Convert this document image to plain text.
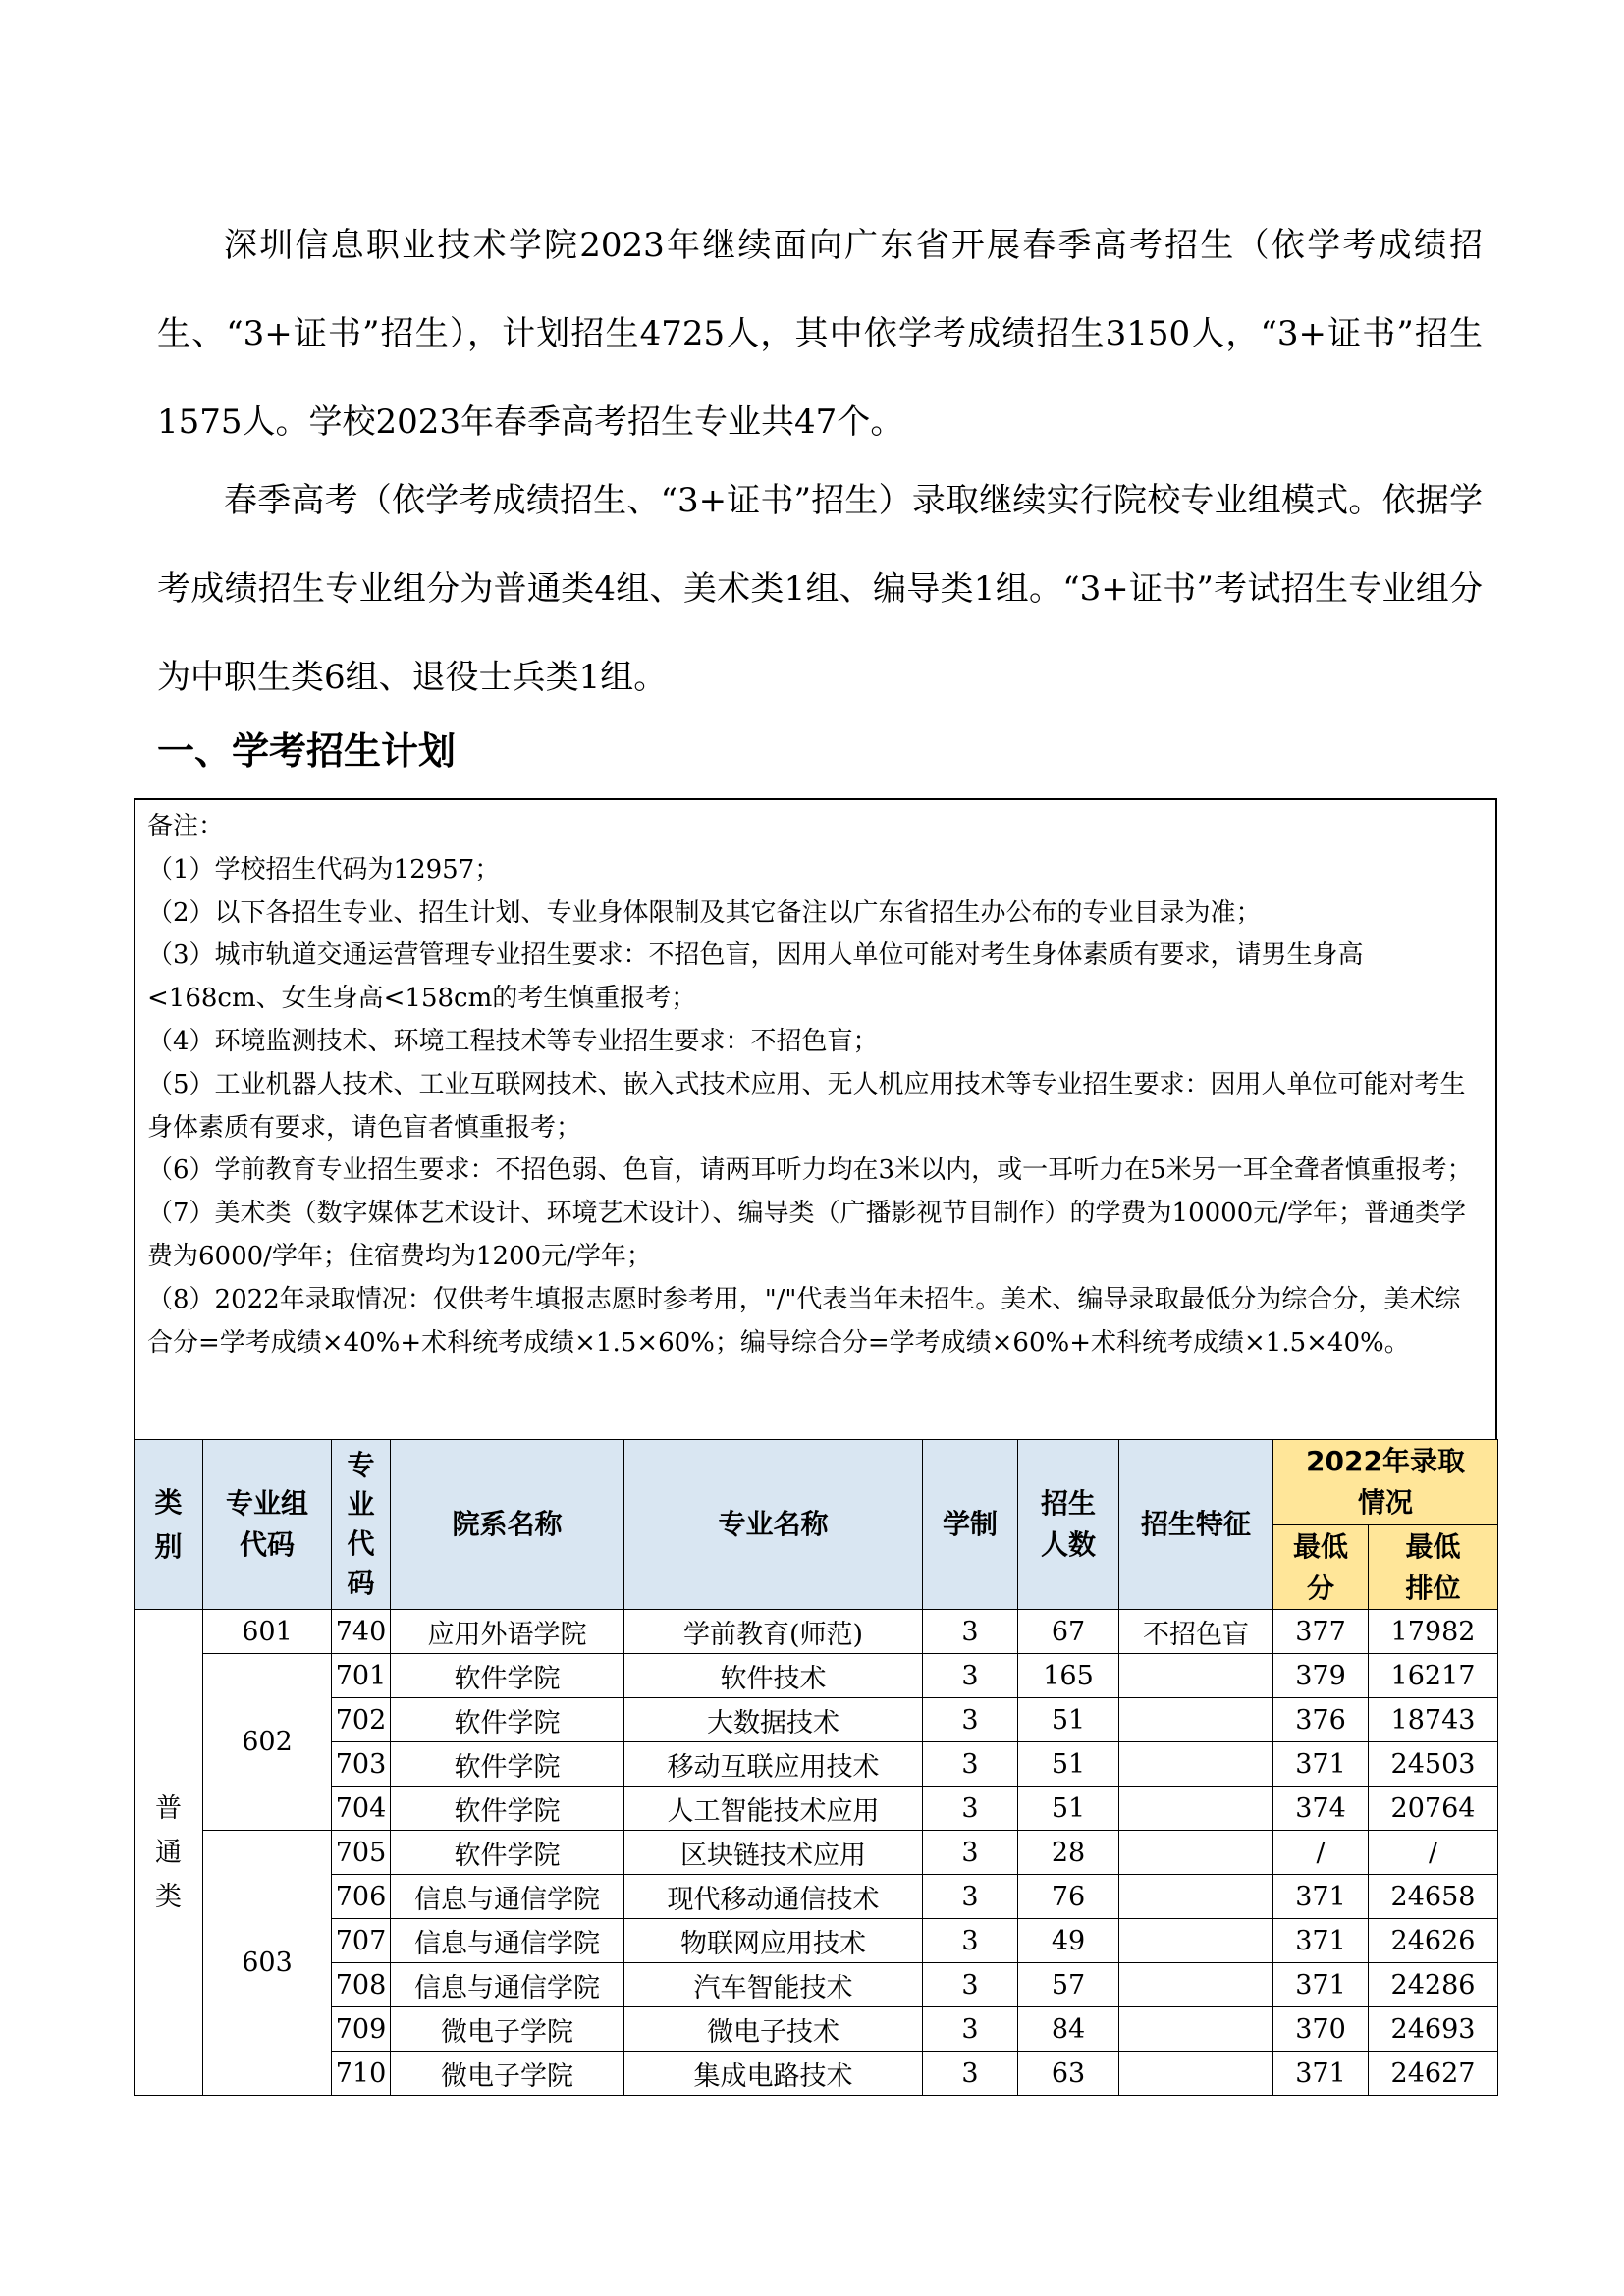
深圳信息职业技术学院2023年继续面向广东省开展春季高考招生（依学考成绩招生、“3+证书”招生），计划招生4725人，其中依学考成绩招生3150人，“3+证书”招生1575人。学校2023年春季高考招生专业共47个。
春季高考（依学考成绩招生、“3+证书”招生）录取继续实行院校专业组模式。依据学考成绩招生专业组分为普通类4组、美术类1组、编导类1组。“3+证书”考试招生专业组分为中职生类6组、退役士兵类1组。
一、学考招生计划
备注：
（1）学校招生代码为12957；
（2）以下各招生专业、招生计划、专业身体限制及其它备注以广东省招生办公布的专业目录为准；
（3）城市轨道交通运营管理专业招生要求：不招色盲，因用人单位可能对考生身体素质有要求，请男生身高<168cm、女生身高<158cm的考生慎重报考；
（4）环境监测技术、环境工程技术等专业招生要求：不招色盲；
（5）工业机器人技术、工业互联网技术、嵌入式技术应用、无人机应用技术等专业招生要求：因用人单位可能对考生身体素质有要求，请色盲者慎重报考；
（6）学前教育专业招生要求：不招色弱、色盲，请两耳听力均在3米以内，或一耳听力在5米另一耳全聋者慎重报考；
（7）美术类（数字媒体艺术设计、环境艺术设计）、编导类（广播影视节目制作）的学费为10000元/学年；普通类学费为6000/学年；住宿费均为1200元/学年；
（8）2022年录取情况：仅供考生填报志愿时参考用，"/"代表当年未招生。美术、编导录取最低分为综合分，美术综合分=学考成绩×40%+术科统考成绩×1.5×60%；编导综合分=学考成绩×60%+术科统考成绩×1.5×40%。
类别	专业组代码	专业代码	院系名称	专业名称	学制	招生人数	招生特征	2022年录取情况	

								最低分	最低排位

普通类	601	740	应用外语学院	学前教育(师范)	3	67	不招色盲	377	17982
	602	701	软件学院	软件技术	3	165		379	16217
		702	软件学院	大数据技术	3	51		376	18743
		703	软件学院	移动互联应用技术	3	51		371	24503
		704	软件学院	人工智能技术应用	3	51		374	20764
	603	705	软件学院	区块链技术应用	3	28		/	/
		706	信息与通信学院	现代移动通信技术	3	76		371	24658
		707	信息与通信学院	物联网应用技术	3	49		371	24626
		708	信息与通信学院	汽车智能技术	3	57		371	24286
		709	微电子学院	微电子技术	3	84		370	24693
		710	微电子学院	集成电路技术	3	63		371	24627
